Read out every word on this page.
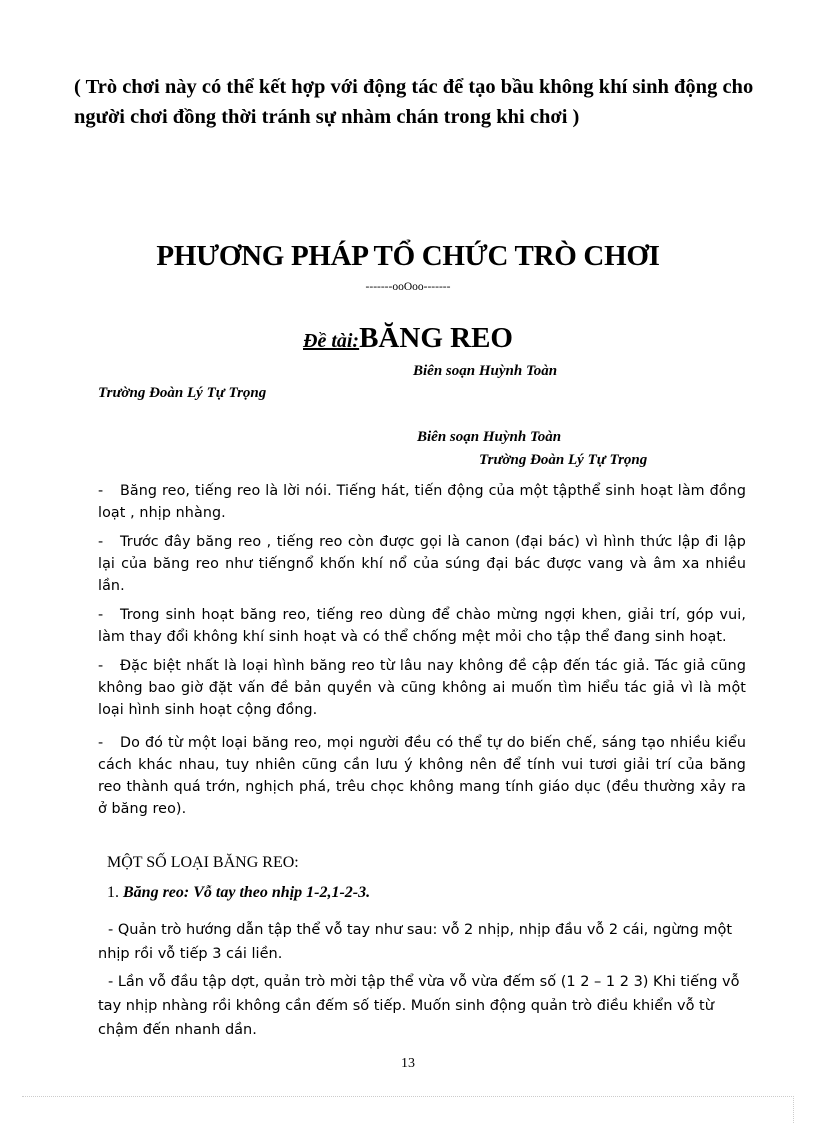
( Trò chơi này có thể kết hợp với động tác để tạo bầu không khí sinh động cho người chơi đồng thời tránh sự nhàm chán trong khi chơi )
PHƯƠNG PHÁP TỔ CHỨC TRÒ CHƠI
-------ooOoo-------
Đề tài:BĂNG REO
Biên soạn Huỳnh Toàn
Trường Đoàn Lý Tự Trọng
Biên soạn Huỳnh Toàn
Trường Đoàn Lý Tự Trọng
- Băng reo, tiếng reo là lời nói. Tiếng hát, tiến động của một tậpthể sinh hoạt làm đồng loạt , nhịp nhàng.
- Trước đây băng reo , tiếng reo còn được gọi là canon (đại bác) vì hình thức lập đi lập lại của băng reo như tiếngnổ khốn khí nổ của súng đại bác được vang và âm xa nhiều lần.
- Trong sinh hoạt băng reo, tiếng reo dùng để chào mừng ngợi khen, giải trí, góp vui, làm thay đổi không khí sinh hoạt và có thể chống mệt mỏi cho tập thể đang sinh hoạt.
- Đặc biệt nhất là loại hình băng reo từ lâu nay không đề cập đến tác giả. Tác giả cũng không bao giờ đặt vấn đề bản quyền và cũng không ai muốn tìm hiểu tác giả vì là một loại hình sinh hoạt cộng đồng.
- Do đó từ một loại băng reo, mọi người đều có thể tự do biến chế, sáng tạo nhiều kiểu cách khác nhau, tuy nhiên cũng cần lưu ý không nên để tính vui tươi giải trí của băng reo thành quá trớn, nghịch phá, trêu chọc không mang tính giáo dục (đều thường xảy ra ở băng reo).
MỘT SỐ LOẠI BĂNG REO:
1. Băng reo: Vỗ tay theo nhịp 1-2,1-2-3.
- Quản trò hướng dẫn tập thể vỗ tay như sau: vỗ 2 nhịp, nhịp đầu vỗ 2 cái, ngừng một nhịp rồi vỗ tiếp 3 cái liền.
- Lần vỗ đầu tập dợt, quản trò mời tập thể vừa vỗ vừa đếm số (1 2 – 1 2 3) Khi tiếng vỗ tay nhịp nhàng rồi không cần đếm số tiếp. Muốn sinh động quản trò điều khiển vỗ từ chậm đến nhanh dần.
13
